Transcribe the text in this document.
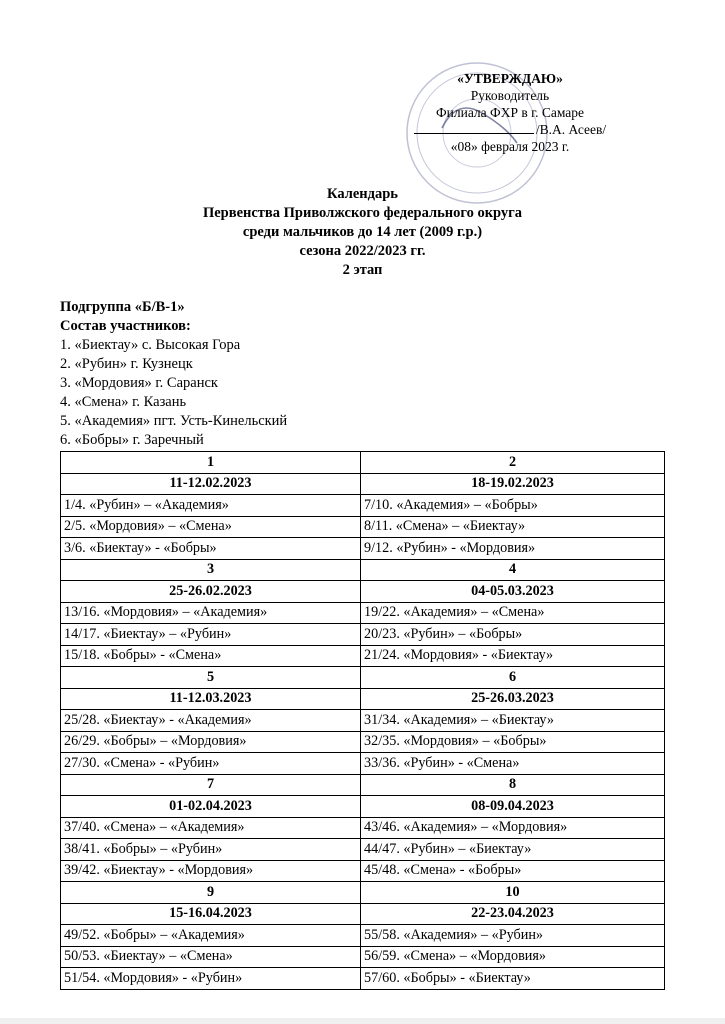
«УТВЕРЖДАЮ»
Руководитель
Филиала ФХР в г. Самаре
/В.А. Асеев/
«08» февраля 2023 г.
Календарь
Первенства Приволжского федерального округа
среди мальчиков до 14 лет (2009 г.р.)
сезона 2022/2023 гг.
2 этап
Подгруппа «Б/В-1»
Состав участников:
1. «Биектау» с. Высокая Гора
2. «Рубин» г. Кузнецк
3. «Мордовия» г. Саранск
4. «Смена» г. Казань
5. «Академия» пгт. Усть-Кинельский
6. «Бобры» г. Заречный
1	2
11-12.02.2023	18-19.02.2023
1/4. «Рубин» – «Академия»	7/10. «Академия» – «Бобры»
2/5. «Мордовия» – «Смена»	8/11. «Смена» – «Биектау»
3/6. «Биектау» - «Бобры»	9/12. «Рубин» - «Мордовия»
3	4
25-26.02.2023	04-05.03.2023
13/16. «Мордовия» – «Академия»	19/22. «Академия» – «Смена»
14/17. «Биектау» – «Рубин»	20/23. «Рубин» – «Бобры»
15/18. «Бобры» - «Смена»	21/24. «Мордовия» - «Биектау»
5	6
11-12.03.2023	25-26.03.2023
25/28. «Биектау» - «Академия»	31/34. «Академия» – «Биектау»
26/29. «Бобры» – «Мордовия»	32/35. «Мордовия» – «Бобры»
27/30. «Смена» - «Рубин»	33/36. «Рубин» - «Смена»
7	8
01-02.04.2023	08-09.04.2023
37/40. «Смена» – «Академия»	43/46. «Академия» – «Мордовия»
38/41. «Бобры» – «Рубин»	44/47. «Рубин» – «Биектау»
39/42. «Биектау» - «Мордовия»	45/48. «Смена» - «Бобры»
9	10
15-16.04.2023	22-23.04.2023
49/52. «Бобры» – «Академия»	55/58. «Академия» – «Рубин»
50/53. «Биектау» – «Смена»	56/59. «Смена» – «Мордовия»
51/54. «Мордовия» - «Рубин»	57/60. «Бобры» - «Биектау»
